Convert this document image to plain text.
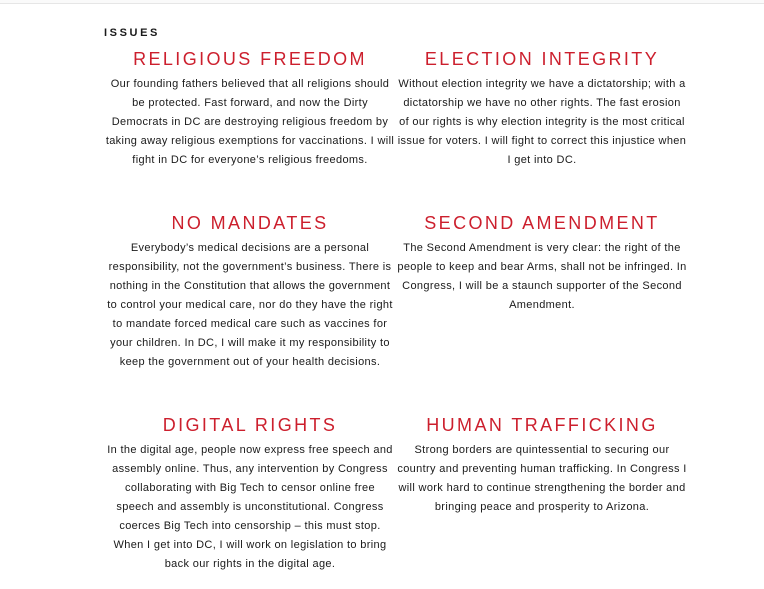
ISSUES
RELIGIOUS FREEDOM

Our founding fathers believed that all religions should be protected. Fast forward, and now the Dirty Democrats in DC are destroying religious freedom by taking away religious exemptions for vaccinations. I will fight in DC for everyone’s religious freedoms.

ELECTION INTEGRITY

Without election integrity we have a dictatorship; with a dictatorship we have no other rights. The fast erosion of our rights is why election integrity is the most critical issue for voters. I will fight to correct this injustice when I get into DC.

NO MANDATES

Everybody’s medical decisions are a personal responsibility, not the government’s business. There is nothing in the Constitution that allows the government to control your medical care, nor do they have the right to mandate forced medical care such as vaccines for your children. In DC, I will make it my responsibility to keep the government out of your health decisions.

SECOND AMENDMENT

The Second Amendment is very clear: the right of the people to keep and bear Arms, shall not be infringed. In Congress, I will be a staunch supporter of the Second Amendment.

DIGITAL RIGHTS

In the digital age, people now express free speech and assembly online. Thus, any intervention by Congress collaborating with Big Tech to censor online free speech and assembly is unconstitutional. Congress coerces Big Tech into censorship – this must stop. When I get into DC, I will work on legislation to bring back our rights in the digital age.

HUMAN TRAFFICKING

Strong borders are quintessential to securing our country and preventing human trafficking. In Congress I will work hard to continue strengthening the border and bringing peace and prosperity to Arizona.
